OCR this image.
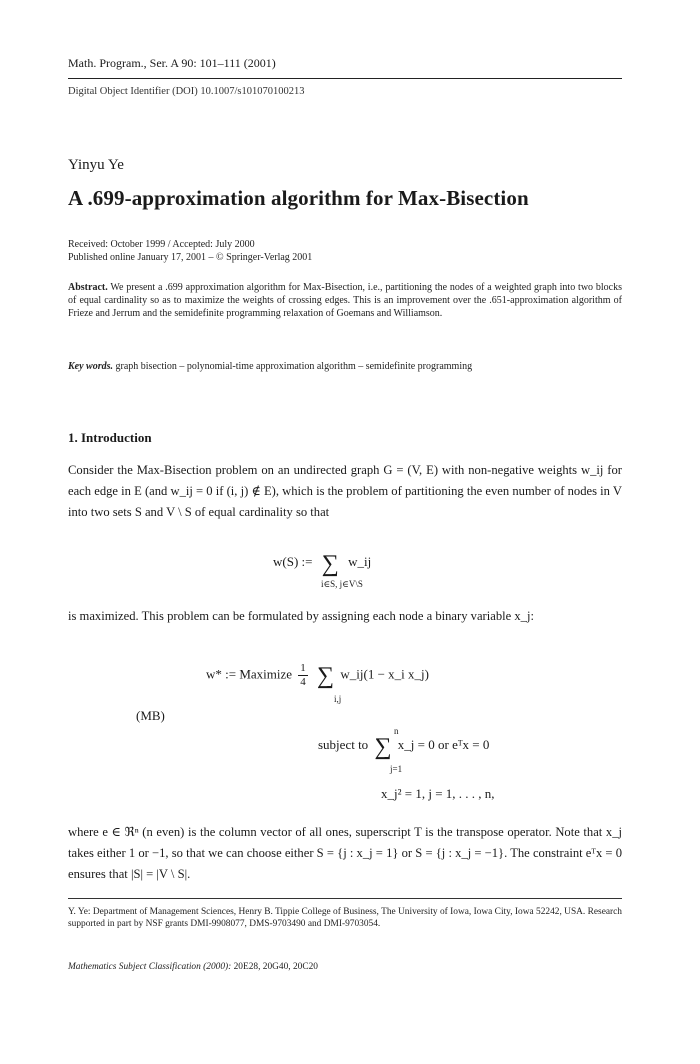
Math. Program., Ser. A 90: 101–111 (2001)
Digital Object Identifier (DOI) 10.1007/s101070100213
Yinyu Ye
A .699-approximation algorithm for Max-Bisection
Received: October 1999 / Accepted: July 2000
Published online January 17, 2001 – © Springer-Verlag 2001
Abstract. We present a .699 approximation algorithm for Max-Bisection, i.e., partitioning the nodes of a weighted graph into two blocks of equal cardinality so as to maximize the weights of crossing edges. This is an improvement over the .651-approximation algorithm of Frieze and Jerrum and the semidefinite programming relaxation of Goemans and Williamson.
Key words. graph bisection – polynomial-time approximation algorithm – semidefinite programming
1. Introduction
Consider the Max-Bisection problem on an undirected graph G = (V, E) with non-negative weights w_ij for each edge in E (and w_ij = 0 if (i, j) ∉ E), which is the problem of partitioning the even number of nodes in V into two sets S and V \ S of equal cardinality so that
w(S) := ∑ w_ij
i∈S, j∈V\S
is maximized. This problem can be formulated by assigning each node a binary variable x_j:
w* := Maximize $\frac{1}{4}$ ∑ w_ij(1 − x_i x_j)
i,j
(MB)
subject to ∑ x_j = 0 or eᵀx = 0
n
j=1
x_j² = 1, j = 1, . . . , n,
where e ∈ ℜⁿ (n even) is the column vector of all ones, superscript T is the transpose operator. Note that x_j takes either 1 or −1, so that we can choose either S = {j : x_j = 1} or S = {j : x_j = −1}. The constraint eᵀx = 0 ensures that |S| = |V \ S|.
Y. Ye: Department of Management Sciences, Henry B. Tippie College of Business, The University of Iowa, Iowa City, Iowa 52242, USA. Research supported in part by NSF grants DMI-9908077, DMS-9703490 and DMI-9703054.
Mathematics Subject Classification (2000): 20E28, 20G40, 20C20
